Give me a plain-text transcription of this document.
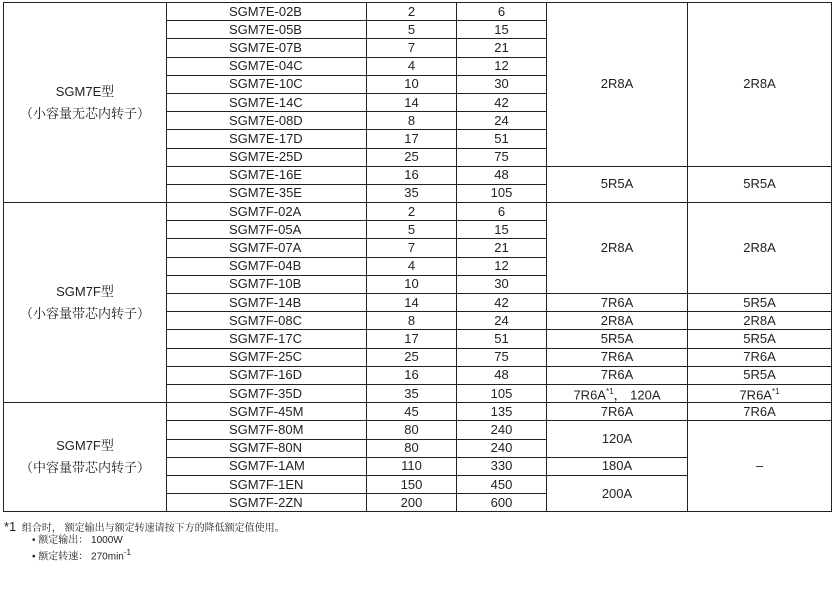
SGM7E型
（小容量无芯内转子）	SGM7E-02B	2	6	2R8A	2R8A
	SGM7E-05B	5	15		
	SGM7E-07B	7	21		
	SGM7E-04C	4	12		
	SGM7E-10C	10	30		
	SGM7E-14C	14	42		
	SGM7E-08D	8	24		
	SGM7E-17D	17	51		
	SGM7E-25D	25	75		
	SGM7E-16E	16	48	5R5A	5R5A
	SGM7E-35E	35	105		
SGM7F型
（小容量带芯内转子）	SGM7F-02A	2	6	2R8A	2R8A
	SGM7F-05A	5	15		
	SGM7F-07A	7	21		
	SGM7F-04B	4	12		
	SGM7F-10B	10	30		
	SGM7F-14B	14	42	7R6A	5R5A
	SGM7F-08C	8	24	2R8A	2R8A
	SGM7F-17C	17	51	5R5A	5R5A
	SGM7F-25C	25	75	7R6A	7R6A
	SGM7F-16D	16	48	7R6A	5R5A
	SGM7F-35D	35	105	$7R6A^{*1}$， 120A	$7R6A^{*1}$
SGM7F型
（中容量带芯内转子）	SGM7F-45M	45	135	7R6A	7R6A
	SGM7F-80M	80	240	120A	–
	SGM7F-80N	80	240		
	SGM7F-1AM	110	330	180A	
	SGM7F-1EN	150	450	200A	
	SGM7F-2ZN	200	600		
*1 组合时， 额定输出与额定转速请按下方的降低额定值使用。
• 额定输出： 1000W
• 额定转速： $270\min^{-1}$
